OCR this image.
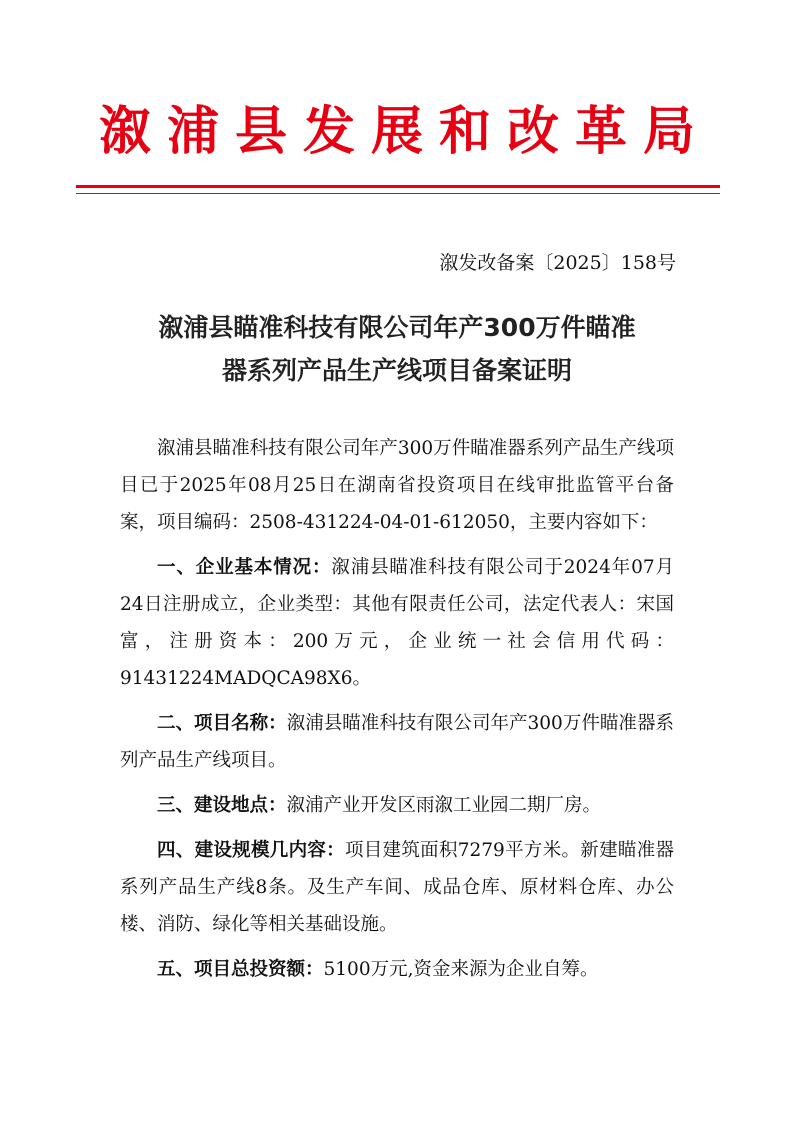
溆浦县发展和改革局
溆发改备案〔2025〕158号
溆浦县瞄准科技有限公司年产300万件瞄准
器系列产品生产线项目备案证明

溆浦县瞄准科技有限公司年产300万件瞄准器系列产品生产线项目已于2025年08月25日在湖南省投资项目在线审批监管平台备案，项目编码：2508-431224-04-01-612050，主要内容如下：

一、企业基本情况：溆浦县瞄准科技有限公司于2024年07月24日注册成立，企业类型：其他有限责任公司，法定代表人：宋国富，注册资本：200万元，企业统一社会信用代码：91431224MADQCA98X6。

二、项目名称：溆浦县瞄准科技有限公司年产300万件瞄准器系列产品生产线项目。

三、建设地点：溆浦产业开发区雨溆工业园二期厂房。

四、建设规模几内容：项目建筑面积7279平方米。新建瞄准器系列产品生产线8条。及生产车间、成品仓库、原材料仓库、办公楼、消防、绿化等相关基础设施。

五、项目总投资额：5100万元,资金来源为企业自筹。
